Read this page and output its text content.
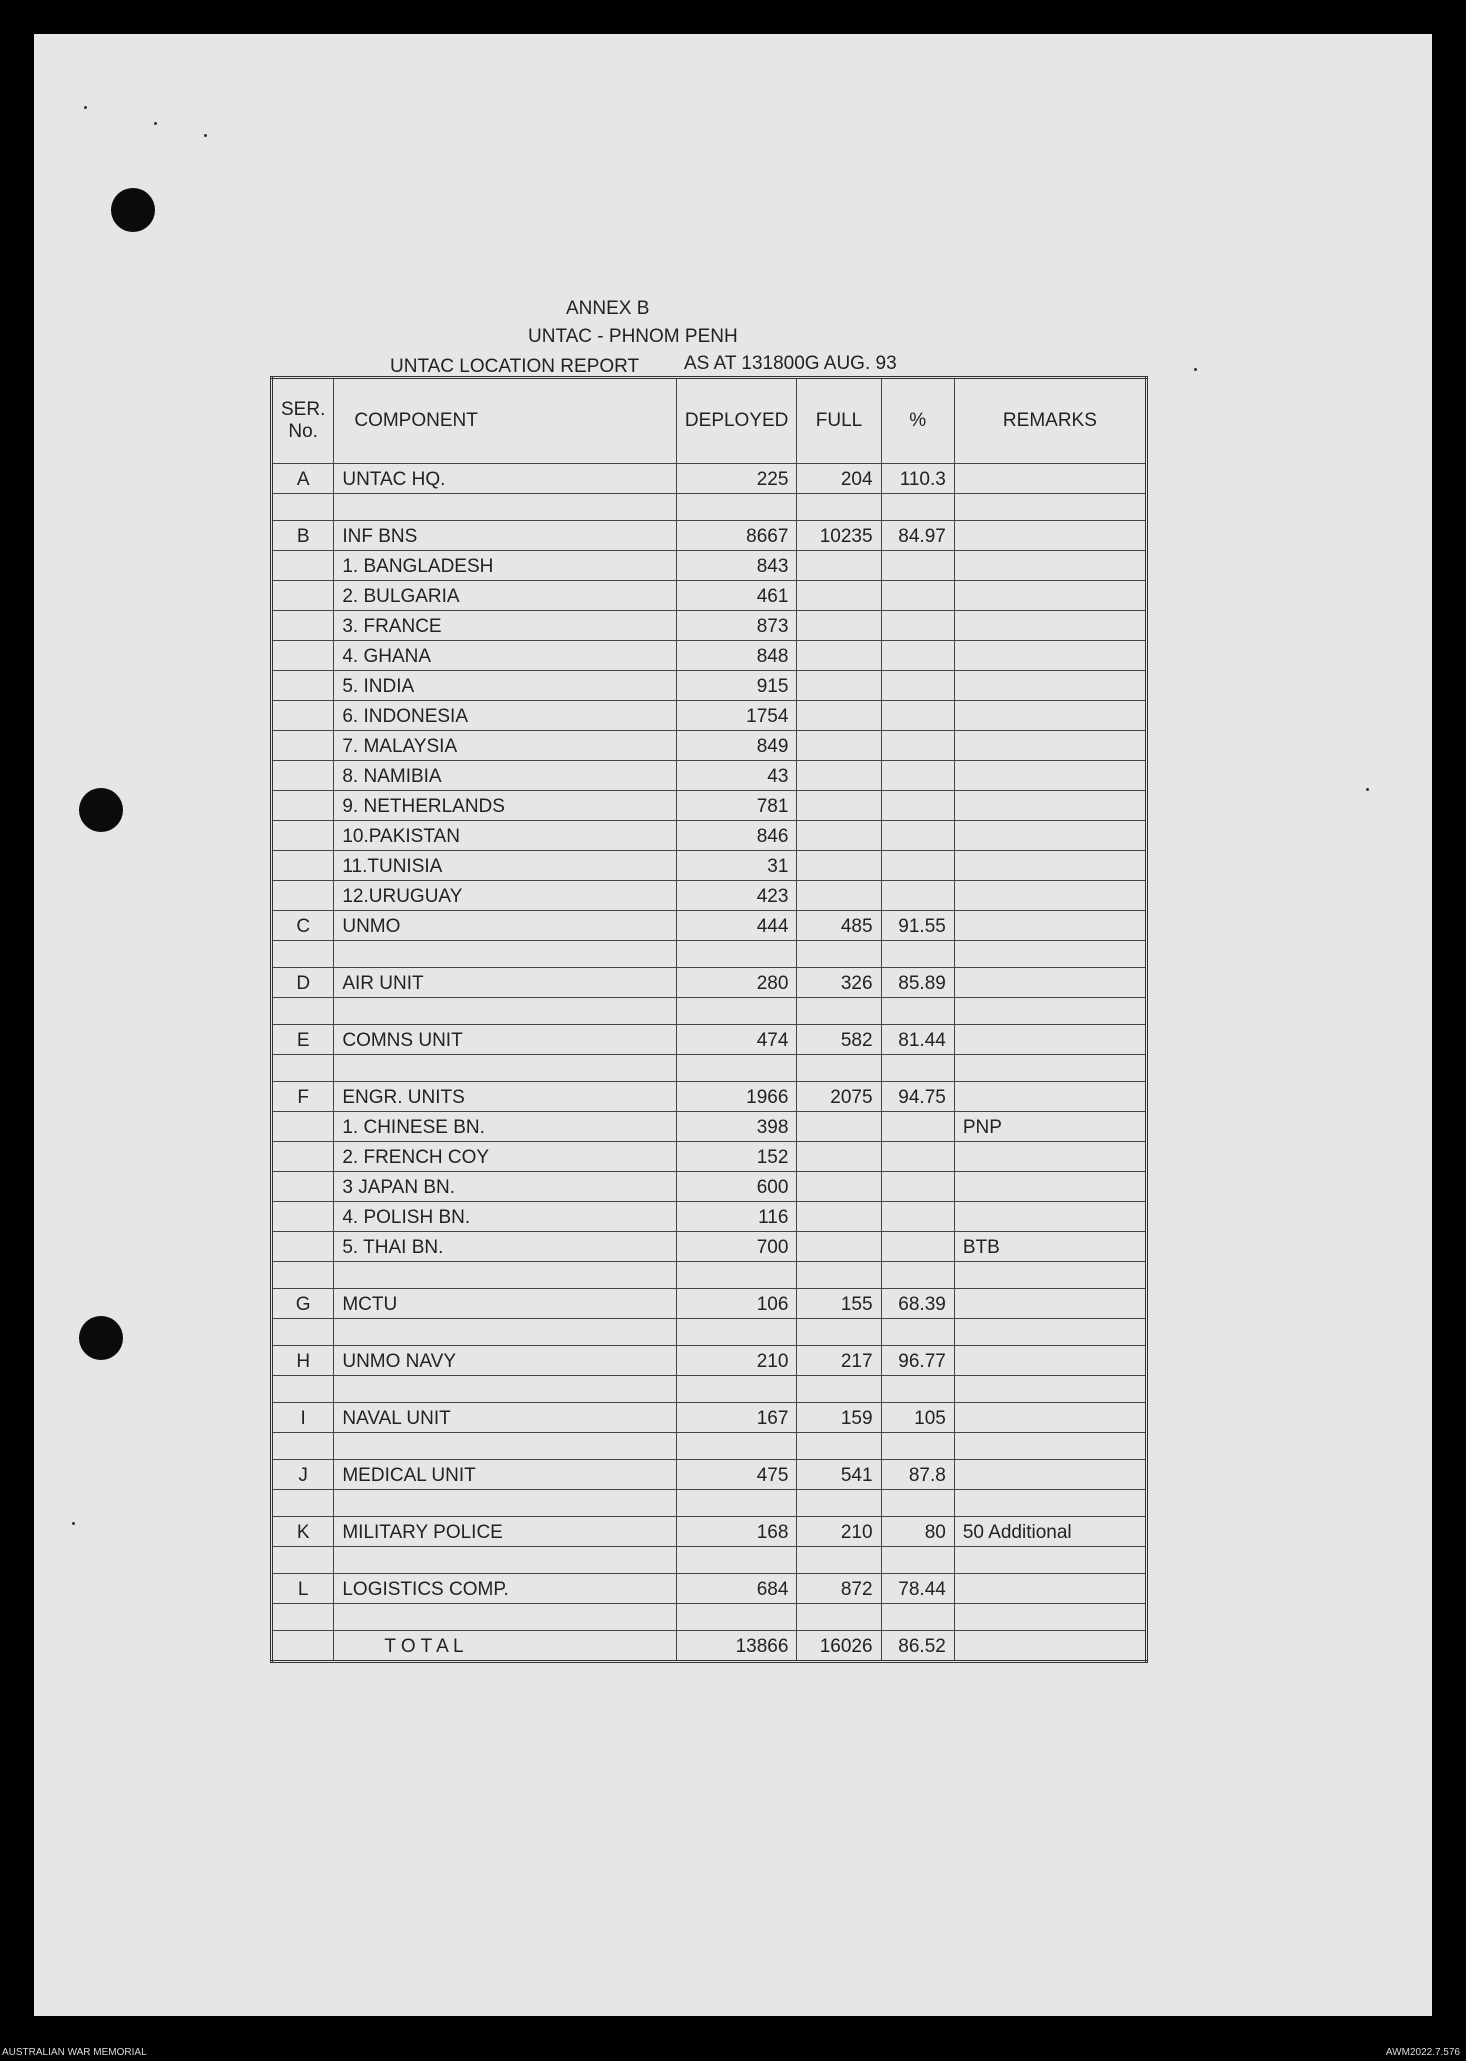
ANNEX B
UNTAC - PHNOM PENH
UNTAC LOCATION REPORT AS AT 131800G AUG. 93
SER. No.	COMPONENT	DEPLOYED	FULL	%	REMARKS
A	UNTAC HQ.	225	204	110.3	

B	INF BNS	8667	10235	84.97	
	1. BANGLADESH	843			
	2. BULGARIA	461			
	3. FRANCE	873			
	4. GHANA	848			
	5. INDIA	915			
	6. INDONESIA	1754			
	7. MALAYSIA	849			
	8. NAMIBIA	43			
	9. NETHERLANDS	781			
	10.PAKISTAN	846			
	11.TUNISIA	31			
	12.URUGUAY	423			
C	UNMO	444	485	91.55	

D	AIR UNIT	280	326	85.89	

E	COMNS UNIT	474	582	81.44	

F	ENGR. UNITS	1966	2075	94.75	
	1. CHINESE BN.	398			PNP
	2. FRENCH COY	152			
	3 JAPAN BN.	600			
	4. POLISH BN.	116			
	5. THAI BN.	700			BTB

G	MCTU	106	155	68.39	

H	UNMO NAVY	210	217	96.77	

I	NAVAL UNIT	167	159	105	

J	MEDICAL UNIT	475	541	87.8	

K	MILITARY POLICE	168	210	80	50 Additional

L	LOGISTICS COMP.	684	872	78.44	

	T O T A L	13866	16026	86.52	
AUSTRALIAN WAR MEMORIAL	AWM2022.7.576
